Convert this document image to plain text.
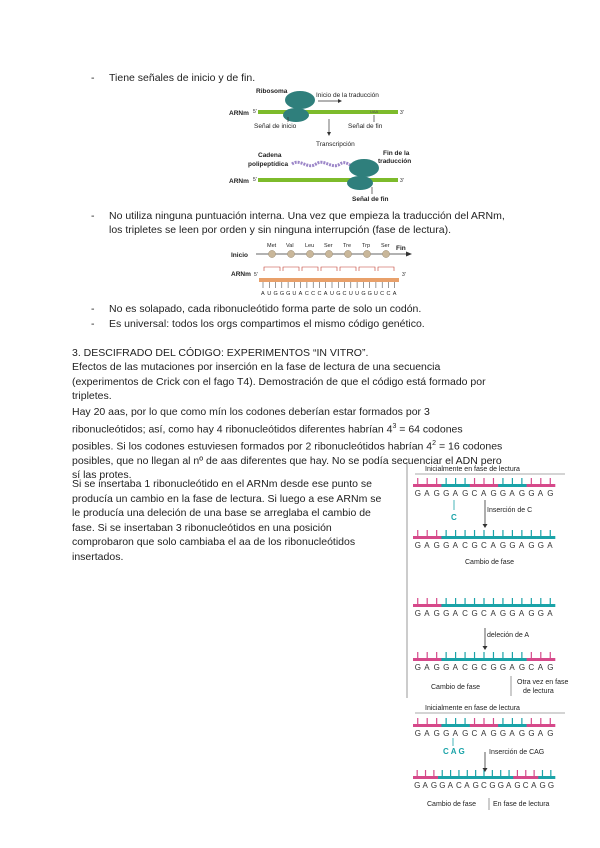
- Tiene señales de inicio y de fin.
Ribosoma
Inicio de la traducción
ARNm 5'	3'
UAA
Señal de inicio	Señal de fin
Transcripción
Cadena
polipeptídica
Fin de la
traducción
ARNm 5'	3'
Señal de fin
- No utiliza ninguna puntuación interna. Una vez que empieza la traducción del ARNm,
los tripletes se leen por orden y sin ninguna interrupción (fase de lectura).
Inicio
Fin
Met Val Leu Ser Tre Trp Ser
ARNm 5'	3'
A U G G G U A C C C A U G C U U G G U C C A
- No es solapado, cada ribonucleótido forma parte de solo un codón.
- Es universal: todos los orgs compartimos el mismo código genético.
3. DESCIFRADO DEL CÓDIGO: EXPERIMENTOS “IN VITRO”.
Efectos de las mutaciones por inserción en la fase de lectura de una secuencia
(experimentos de Crick con el fago T4). Demostración de que el código está formado por
tripletes.
Hay 20 aas, por lo que como mín los codones deberían estar formados por 3
ribonucleótidos; así, como hay 4 ribonucleótidos diferentes habrían $4^3 = 64$ codones
posibles. Si los codones estuviesen formados por 2 ribonucleótidos habrían $4^2 = 16$ codones
posibles, que no llegan al nº de aas diferentes que hay. No se podía secuenciar el ADN pero
sí las protes.
Si se insertaba 1 ribonucleótido en el ARNm desde ese punto se
producía un cambio en la fase de lectura. Si luego a ese ARNm se
le producía una deleción de una base se arreglaba el cambio de
fase. Si se insertaban 3 ribonucleótidos en una posición
comprobaron que solo cambiaba el aa de los ribonucleótidos
insertados.
G A G G A G C A G G A G G A G
G A G G A C G C A G G A G G A
G A G G A C G C A G G A G G A
G A G G A C G C G G A G C A G
G A G G A G C A G G A G G A G
G A G G A C A G C G G A G C A G G
Inicialmente en fase de lectura
C
Inserción de C
Cambio de fase
deleción de A
Cambio de fase
Otra vez en fase
de lectura
Inicialmente en fase de lectura
CAG	Inserción de CAG
Cambio de fase En fase de lectura
